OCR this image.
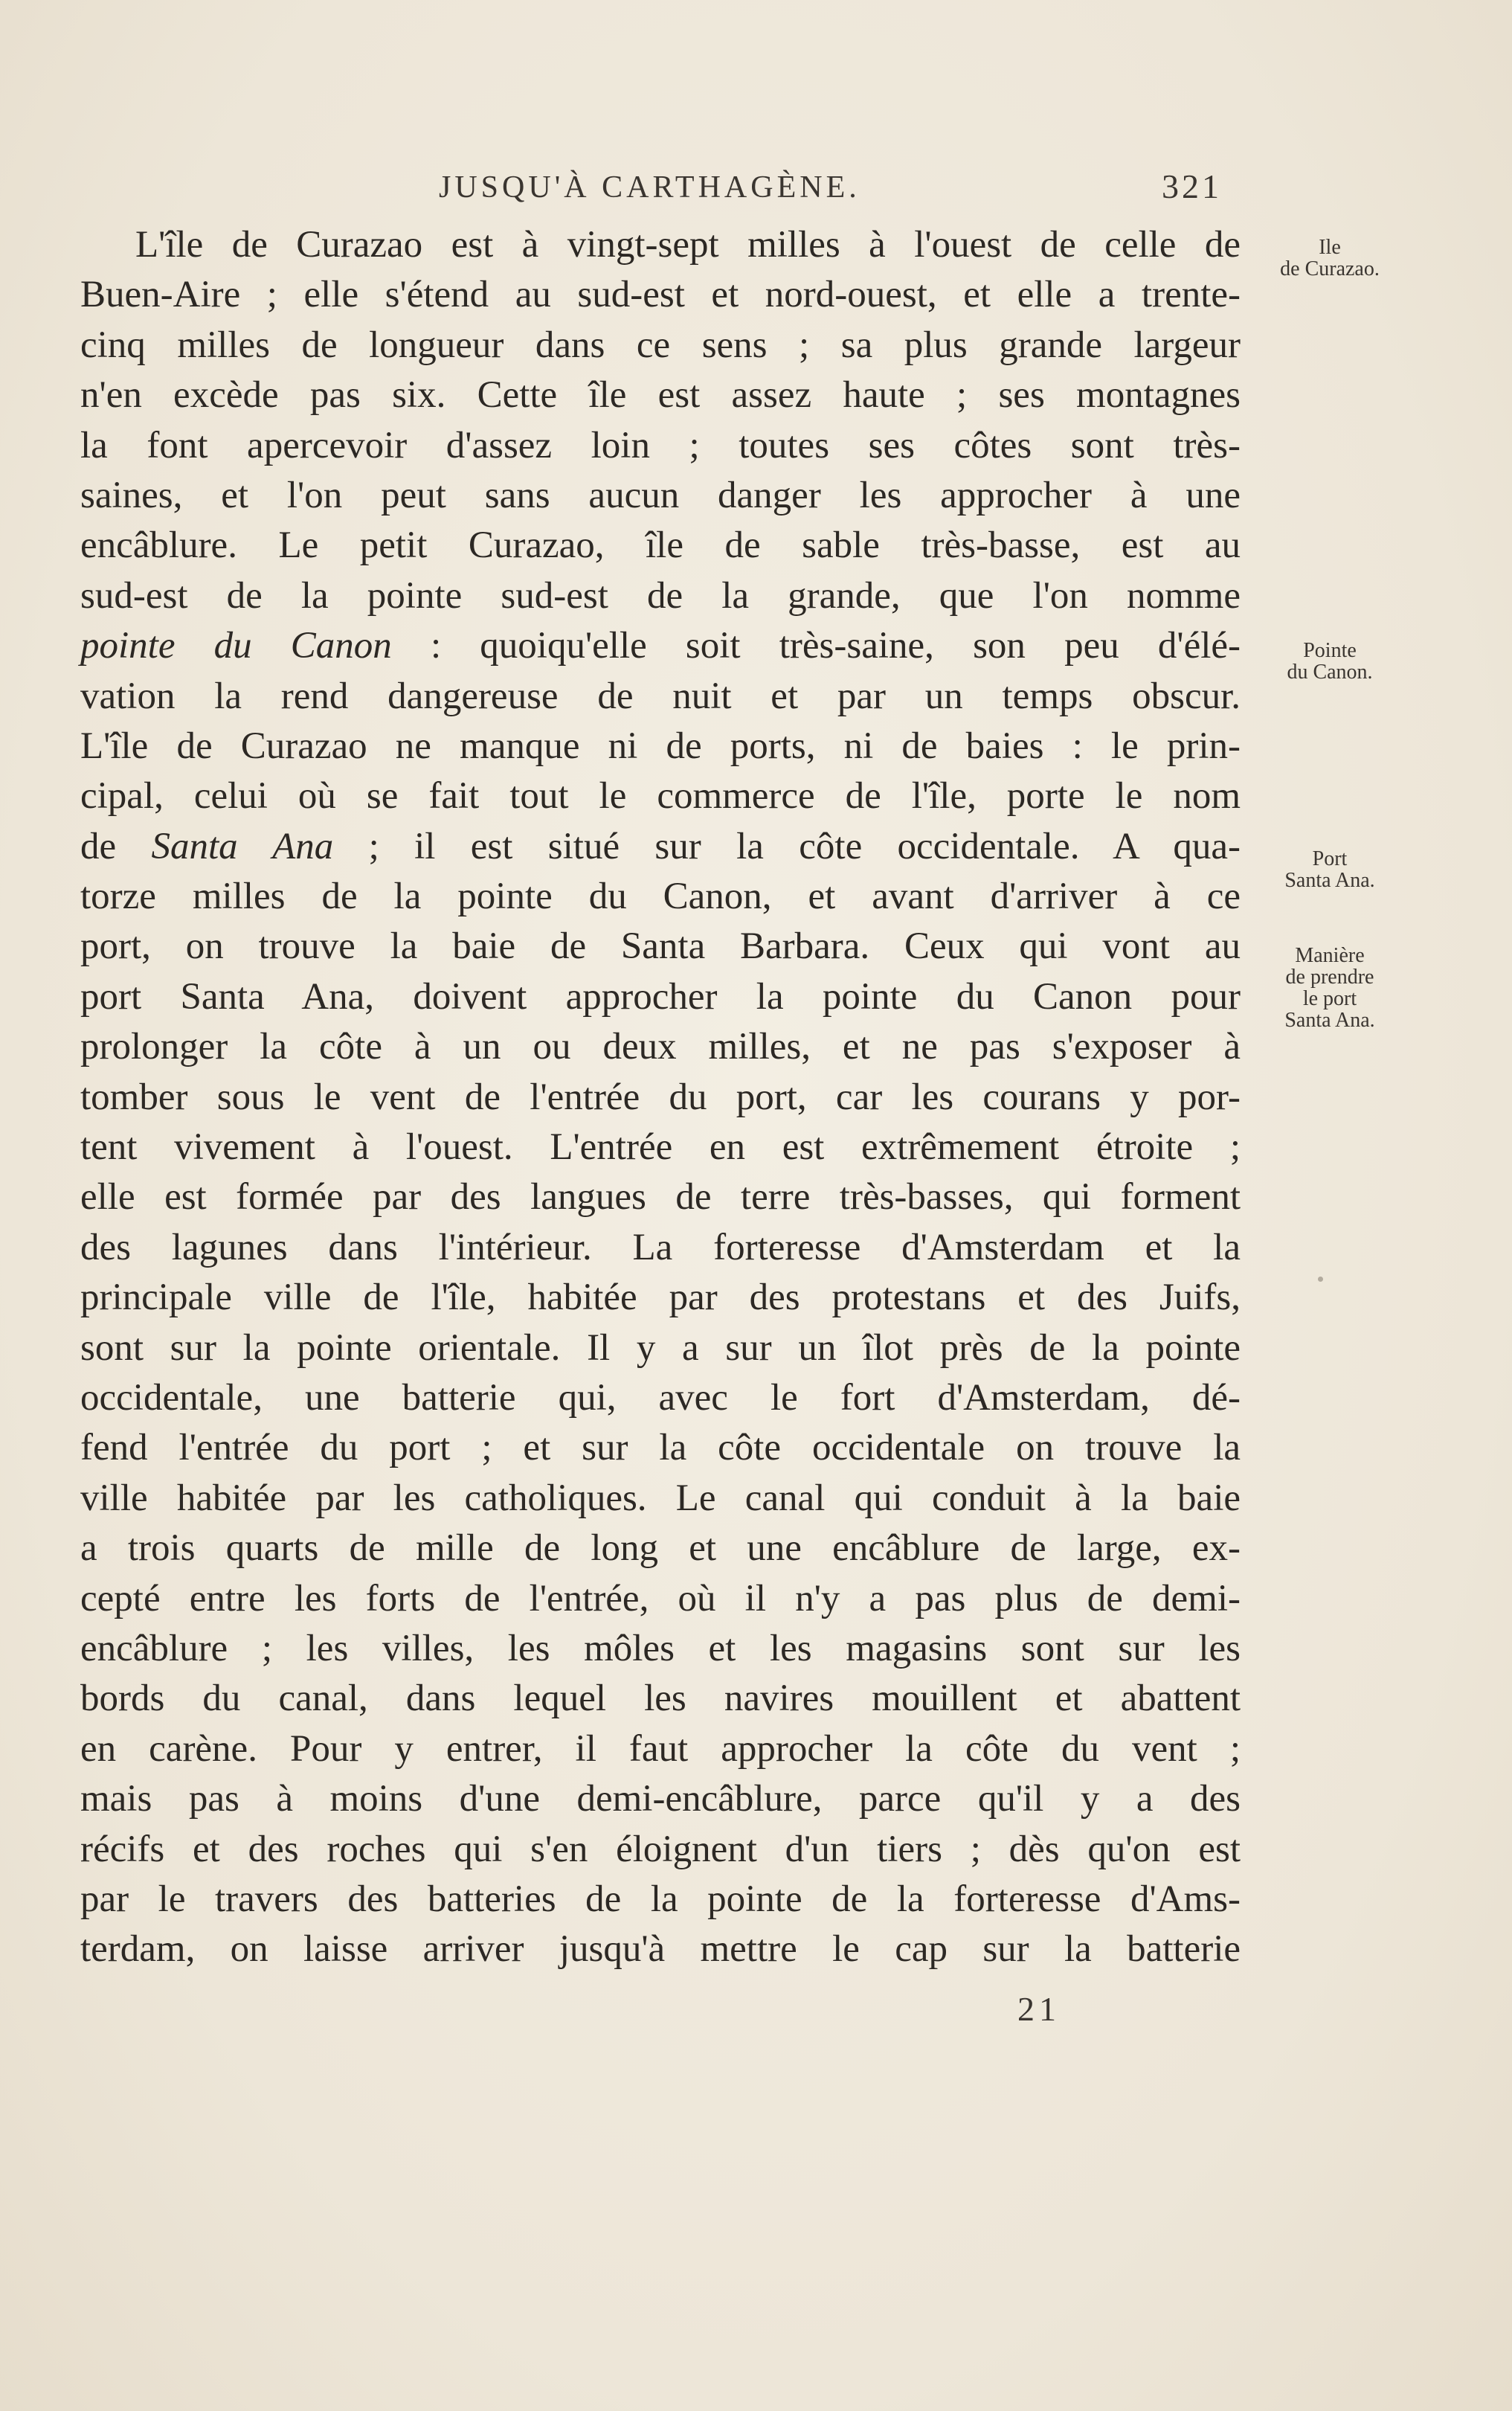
JUSQU'À CARTHAGÈNE.	321
L'île de Curazao est à vingt-sept milles à l'ouest de celle de
Buen-Aire ; elle s'étend au sud-est et nord-ouest, et elle a trente-
cinq milles de longueur dans ce sens ; sa plus grande largeur
n'en excède pas six. Cette île est assez haute ; ses montagnes
la font apercevoir d'assez loin ; toutes ses côtes sont très-
saines, et l'on peut sans aucun danger les approcher à une
encâblure. Le petit Curazao, île de sable très-basse, est au
sud-est de la pointe sud-est de la grande, que l'on nomme
pointe du Canon : quoiqu'elle soit très-saine, son peu d'élé-
vation la rend dangereuse de nuit et par un temps obscur.
L'île de Curazao ne manque ni de ports, ni de baies : le prin-
cipal, celui où se fait tout le commerce de l'île, porte le nom
de Santa Ana ; il est situé sur la côte occidentale. A qua-
torze milles de la pointe du Canon, et avant d'arriver à ce
port, on trouve la baie de Santa Barbara. Ceux qui vont au
port Santa Ana, doivent approcher la pointe du Canon pour
prolonger la côte à un ou deux milles, et ne pas s'exposer à
tomber sous le vent de l'entrée du port, car les courans y por-
tent vivement à l'ouest. L'entrée en est extrêmement étroite ;
elle est formée par des langues de terre très-basses, qui forment
des lagunes dans l'intérieur. La forteresse d'Amsterdam et la
principale ville de l'île, habitée par des protestans et des Juifs,
sont sur la pointe orientale. Il y a sur un îlot près de la pointe
occidentale, une batterie qui, avec le fort d'Amsterdam, dé-
fend l'entrée du port ; et sur la côte occidentale on trouve la
ville habitée par les catholiques. Le canal qui conduit à la baie
a trois quarts de mille de long et une encâblure de large, ex-
cepté entre les forts de l'entrée, où il n'y a pas plus de demi-
encâblure ; les villes, les môles et les magasins sont sur les
bords du canal, dans lequel les navires mouillent et abattent
en carène. Pour y entrer, il faut approcher la côte du vent ;
mais pas à moins d'une demi-encâblure, parce qu'il y a des
récifs et des roches qui s'en éloignent d'un tiers ; dès qu'on est
par le travers des batteries de la pointe de la forteresse d'Ams-
terdam, on laisse arriver jusqu'à mettre le cap sur la batterie
Ile
de Curazao.
Pointe
du Canon.
Port
Santa Ana.
Manière
de prendre
le port
Santa Ana.
21
